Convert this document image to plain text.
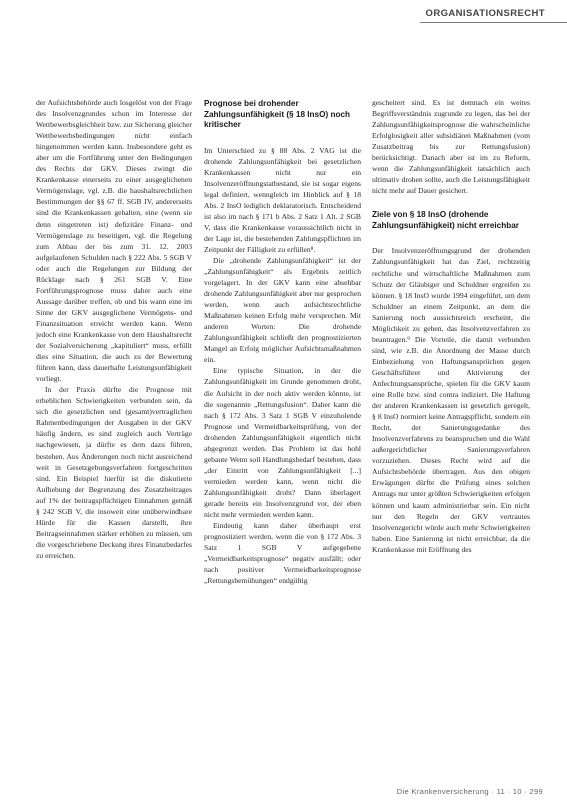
ORGANISATIONSRECHT

der Aufsichtsbehörde auch losgelöst von der Frage des Insolvenzgrundes schon im Interesse der Wettbewerbsgleichheit bzw. zur Sicherung gleicher Wettbewerbsbedingungen nicht einfach hingenommen werden kann. Insbesondere geht es aber um die Fortführung unter den Bedingungen des Rechts der GKV. Dieses zwingt die Krankenkasse einerseits zu einer ausgeglichenen Vermögenslage, vgl. z.B. die haushaltsrechtlichen Bestimmungen der §§ 67 ff. SGB IV, andererseits sind die Krankenkassen gehalten, eine (wenn sie denn eingetreten ist) defizitäre Finanz- und Vermögenslage zu beseitigen, vgl. die Regelung zum Abbau der bis zum 31. 12. 2003 aufgelaufenen Schulden nach § 222 Abs. 5 SGB V oder auch die Regelungen zur Bildung der Rücklage nach § 261 SGB V. Eine Fortführungsprognose muss daher auch eine Aussage darüber treffen, ob und bis wann eine im Sinne der GKV ausgeglichene Vermögens- und Finanzsituation erreicht werden kann. Wenn jedoch eine Krankenkasse von dem Haushaltsrecht der Sozialversicherung „kapituliert“ muss, erfüllt dies eine Situation, die auch zu der Bewertung führen kann, dass dauerhafte Leistungsunfähigkeit vorliegt.

In der Praxis dürfte die Prognose mit erheblichen Schwierigkeiten verbunden sein, da sich die gesetzlichen und (gesamt)vertraglichen Rahmenbedingungen der Ausgaben in der GKV häufig ändern, es sind zugleich auch Verträge nachgewiesen, ja dürfte es dem dazu führen, bestehen. Aus Änderungen noch nicht ausreichend weit in Gesetzgebungsverfahren fortgeschritten sind. Ein Beispiel hierfür ist die diskutierte Aufhebung der Begrenzung des Zusatzbeitrages auf 1% der beitragspflichtigen Einnahmen gemäß § 242 SGB V, die insoweit eine unüberwindbare Hürde für die Kassen darstellt, ihre Beitragseinnahmen stärker erhöhen zu müssen, um die vorgeschriebene Deckung ihres Finanzbedarfes zu erreichen.

Prognose bei drohender Zahlungsunfähigkeit (§ 18 InsO) noch kritischer

Im Unterschied zu § 88 Abs. 2 VAG ist die drohende Zahlungsunfähigkeit bei gesetzlichen Krankenkassen nicht nur ein Insolvenzeröffnungstatbestand, sie ist sogar eigens legal definiert, wenngleich im Hinblick auf § 18 Abs. 2 InsO lediglich deklaratorisch. Entscheidend ist also im nach § 171 b Abs. 2 Satz 1 Alt. 2 SGB V, dass die Krankenkasse voraussichtlich nicht in der Lage ist, die bestehenden Zahlungspflichten im Zeitpunkt der Fälligkeit zu erfüllen⁸.

Die „drohende Zahlungsunfähigkeit“ ist der „Zahlungsunfähigkeit“ als Ergebnis zeitlich vorgelagert. In der GKV kann eine absehbar drohende Zahlungsunfähigkeit aber nur gesprochen werden, wenn auch aufsichtsrechtliche Maßnahmen keinen Erfolg mehr versprechen. Mit anderen Worten: Die drohende Zahlungsunfähigkeit schließt den prognostizierten Mangel an Erfolg möglicher Aufsichtsmaßnahmen ein.

Eine typische Situation, in der die Zahlungsunfähigkeit im Grunde genommen droht, die Aufsicht in der noch aktiv werden könnte, ist die sogenannte „Rettungsfusion“. Daher kann die nach § 172 Abs. 3 Satz 1 SGB V einzuholende Prognose und Vermeidbarkeitsprüfung, von der drohenden Zahlungsunfähigkeit eigentlich nicht abgegrenzt werden. Das Problem ist das hohl gebaute Wenn soll Handlungsbedarf bestehen, dass „der Eintritt von Zahlungsunfähigkeit [...] vermieden werden kann, wenn nicht die Zahlungsunfähigkeit droht? Dann überlagert gerade bereits ein Insolvenzgrund vor, der eben nicht mehr vermieden werden kann.

Eindeutig kann daher überhaupt erst prognostiziert werden, wenn die von § 172 Abs. 3 Satz 1 SGB V aufgegebene „Vermeidbarkeitsprognose“ negativ ausfällt; oder nach positiver Vermeidbarkeitsprognose „Rettungsbemühungen“ endgültig

gescheitert sind. Es ist demnach ein weites Begriffsverständnis zugrunde zu legen, das bei der Zahlungsunfähigkeitsprognose die wahrscheinliche Erfolglosigkeit aller subsidiären Maßnahmen (vom Zusatzbeitrag bis zur Rettungsfusion) berücksichtigt. Danach aber ist im zu Reform, wenn die Zahlungsunfähigkeit tatsächlich auch ultimativ drohen sollte, auch die Leistungsfähigkeit nicht mehr auf Dauer gesichert.

Ziele von § 18 InsO (drohende Zahlungsunfähigkeit) nicht erreichbar

Der Insolvenzeröffnungsgrund der drohenden Zahlungsunfähigkeit hat das Ziel, rechtzeitig rechtliche und wirtschaftliche Maßnahmen zum Schutz der Gläubiger und Schuldner ergreifen zu können. § 18 InsO wurde 1994 eingeführt, um dem Schuldner an einem Zeitpunkt, an dem die Sanierung noch aussichtsreich erscheint, die Möglichkeit zu geben, das Insolvenzverfahren zu beantragen.⁹ Die Vorteile, die damit verbunden sind, wie z.B. die Anordnung der Masse durch Einbeziehung von Haftungsansprüchen gegen Geschäftsführer und Aktivierung der Anfechtungsansprüche, spielen für die GKV kaum eine Rolle bzw. sind contra indiziert. Die Haftung der anderen Krankenkassen ist gesetzlich geregelt, § 8 InsO normiert keine Antragspflicht, sondern ein Recht, der Sanierungsgedanke des Insolvenzverfahrens zu beanspruchen und die Wahl außergerichtlicher Sanierungsverfahren vorzuziehen. Dieses Recht wird auf die Aufsichtsbehörde übertragen. Aus den obigen Erwägungen dürfte die Prüfung eines solchen Antrags nur unter größten Schwierigkeiten erfolgen können und kaum administrierbar sein. Ein nicht nur den Regeln der GKV vertrautes Insolvenzgericht würde auch mehr Schwierigkeiten haben. Eine Sanierung ist nicht erreichbar, da die Krankenkasse mit Eröffnung des

Die Krankenversicherung · 11 · 10 · 299
